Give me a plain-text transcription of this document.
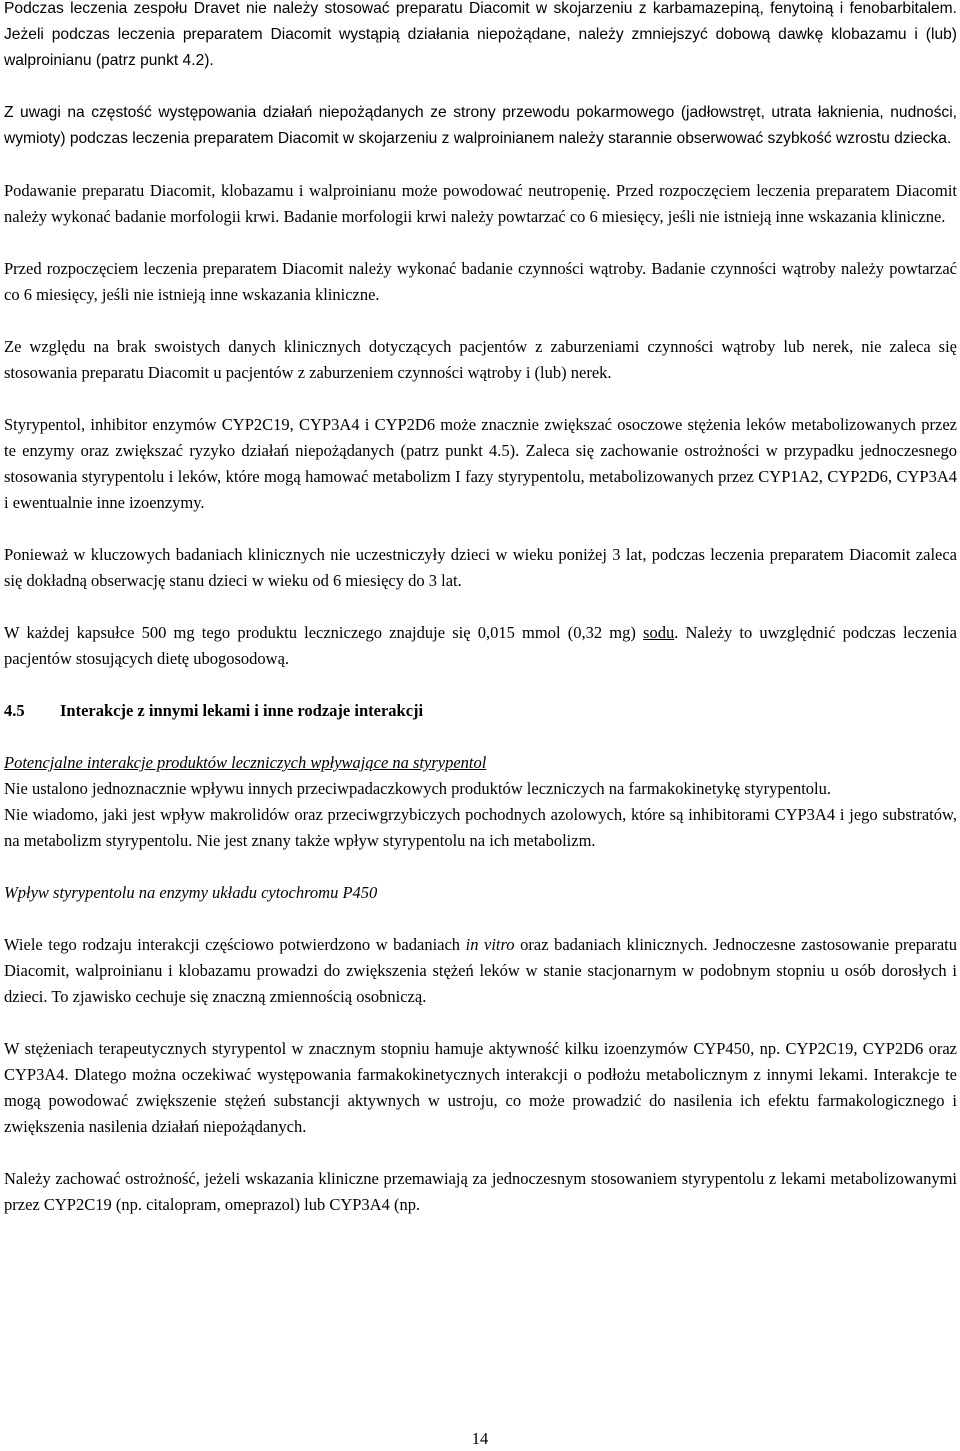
Podczas leczenia zespołu Dravet nie należy stosować preparatu Diacomit w skojarzeniu z karbamazepiną, fenytoiną i fenobarbitalem. Jeżeli podczas leczenia preparatem Diacomit wystąpią działania niepożądane, należy zmniejszyć dobową dawkę klobazamu i (lub) walproinianu (patrz punkt 4.2).

Z uwagi na częstość występowania działań niepożądanych ze strony przewodu pokarmowego (jadłowstręt, utrata łaknienia, nudności, wymioty) podczas leczenia preparatem Diacomit w skojarzeniu z walproinianem należy starannie obserwować szybkość wzrostu dziecka.

Podawanie preparatu Diacomit, klobazamu i walproinianu może powodować neutropenię. Przed rozpoczęciem leczenia preparatem Diacomit należy wykonać badanie morfologii krwi. Badanie morfologii krwi należy powtarzać co 6 miesięcy, jeśli nie istnieją inne wskazania kliniczne.

Przed rozpoczęciem leczenia preparatem Diacomit należy wykonać badanie czynności wątroby. Badanie czynności wątroby należy powtarzać co 6 miesięcy, jeśli nie istnieją inne wskazania kliniczne.

Ze względu na brak swoistych danych klinicznych dotyczących pacjentów z zaburzeniami czynności wątroby lub nerek, nie zaleca się stosowania preparatu Diacomit u pacjentów z zaburzeniem czynności wątroby i (lub) nerek.

Styrypentol, inhibitor enzymów CYP2C19, CYP3A4 i CYP2D6 może znacznie zwiększać osoczowe stężenia leków metabolizowanych przez te enzymy oraz zwiększać ryzyko działań niepożądanych (patrz punkt 4.5). Zaleca się zachowanie ostrożności w przypadku jednoczesnego stosowania styrypentolu i leków, które mogą hamować metabolizm I fazy styrypentolu, metabolizowanych przez CYP1A2, CYP2D6, CYP3A4 i ewentualnie inne izoenzymy.

Ponieważ w kluczowych badaniach klinicznych nie uczestniczyły dzieci w wieku poniżej 3 lat, podczas leczenia preparatem Diacomit zaleca się dokładną obserwację stanu dzieci w wieku od 6 miesięcy do 3 lat.

W każdej kapsułce 500 mg tego produktu leczniczego znajduje się 0,015 mmol (0,32 mg) sodu. Należy to uwzględnić podczas leczenia pacjentów stosujących dietę ubogosodową.

4.5 Interakcje z innymi lekami i inne rodzaje interakcji

Potencjalne interakcje produktów leczniczych wpływające na styrypentol

Nie ustalono jednoznacznie wpływu innych przeciwpadaczkowych produktów leczniczych na farmakokinetykę styrypentolu.

Nie wiadomo, jaki jest wpływ makrolidów oraz przeciwgrzybiczych pochodnych azolowych, które są inhibitorami CYP3A4 i jego substratów, na metabolizm styrypentolu. Nie jest znany także wpływ styrypentolu na ich metabolizm.

Wpływ styrypentolu na enzymy układu cytochromu P450

Wiele tego rodzaju interakcji częściowo potwierdzono w badaniach in vitro oraz badaniach klinicznych. Jednoczesne zastosowanie preparatu Diacomit, walproinianu i klobazamu prowadzi do zwiększenia stężeń leków w stanie stacjonarnym w podobnym stopniu u osób dorosłych i dzieci. To zjawisko cechuje się znaczną zmiennością osobniczą.

W stężeniach terapeutycznych styrypentol w znacznym stopniu hamuje aktywność kilku izoenzymów CYP450, np. CYP2C19, CYP2D6 oraz CYP3A4. Dlatego można oczekiwać występowania farmakokinetycznych interakcji o podłożu metabolicznym z innymi lekami. Interakcje te mogą powodować zwiększenie stężeń substancji aktywnych w ustroju, co może prowadzić do nasilenia ich efektu farmakologicznego i zwiększenia nasilenia działań niepożądanych.

Należy zachować ostrożność, jeżeli wskazania kliniczne przemawiają za jednoczesnym stosowaniem styrypentolu z lekami metabolizowanymi przez CYP2C19 (np. citalopram, omeprazol) lub CYP3A4 (np.

14
